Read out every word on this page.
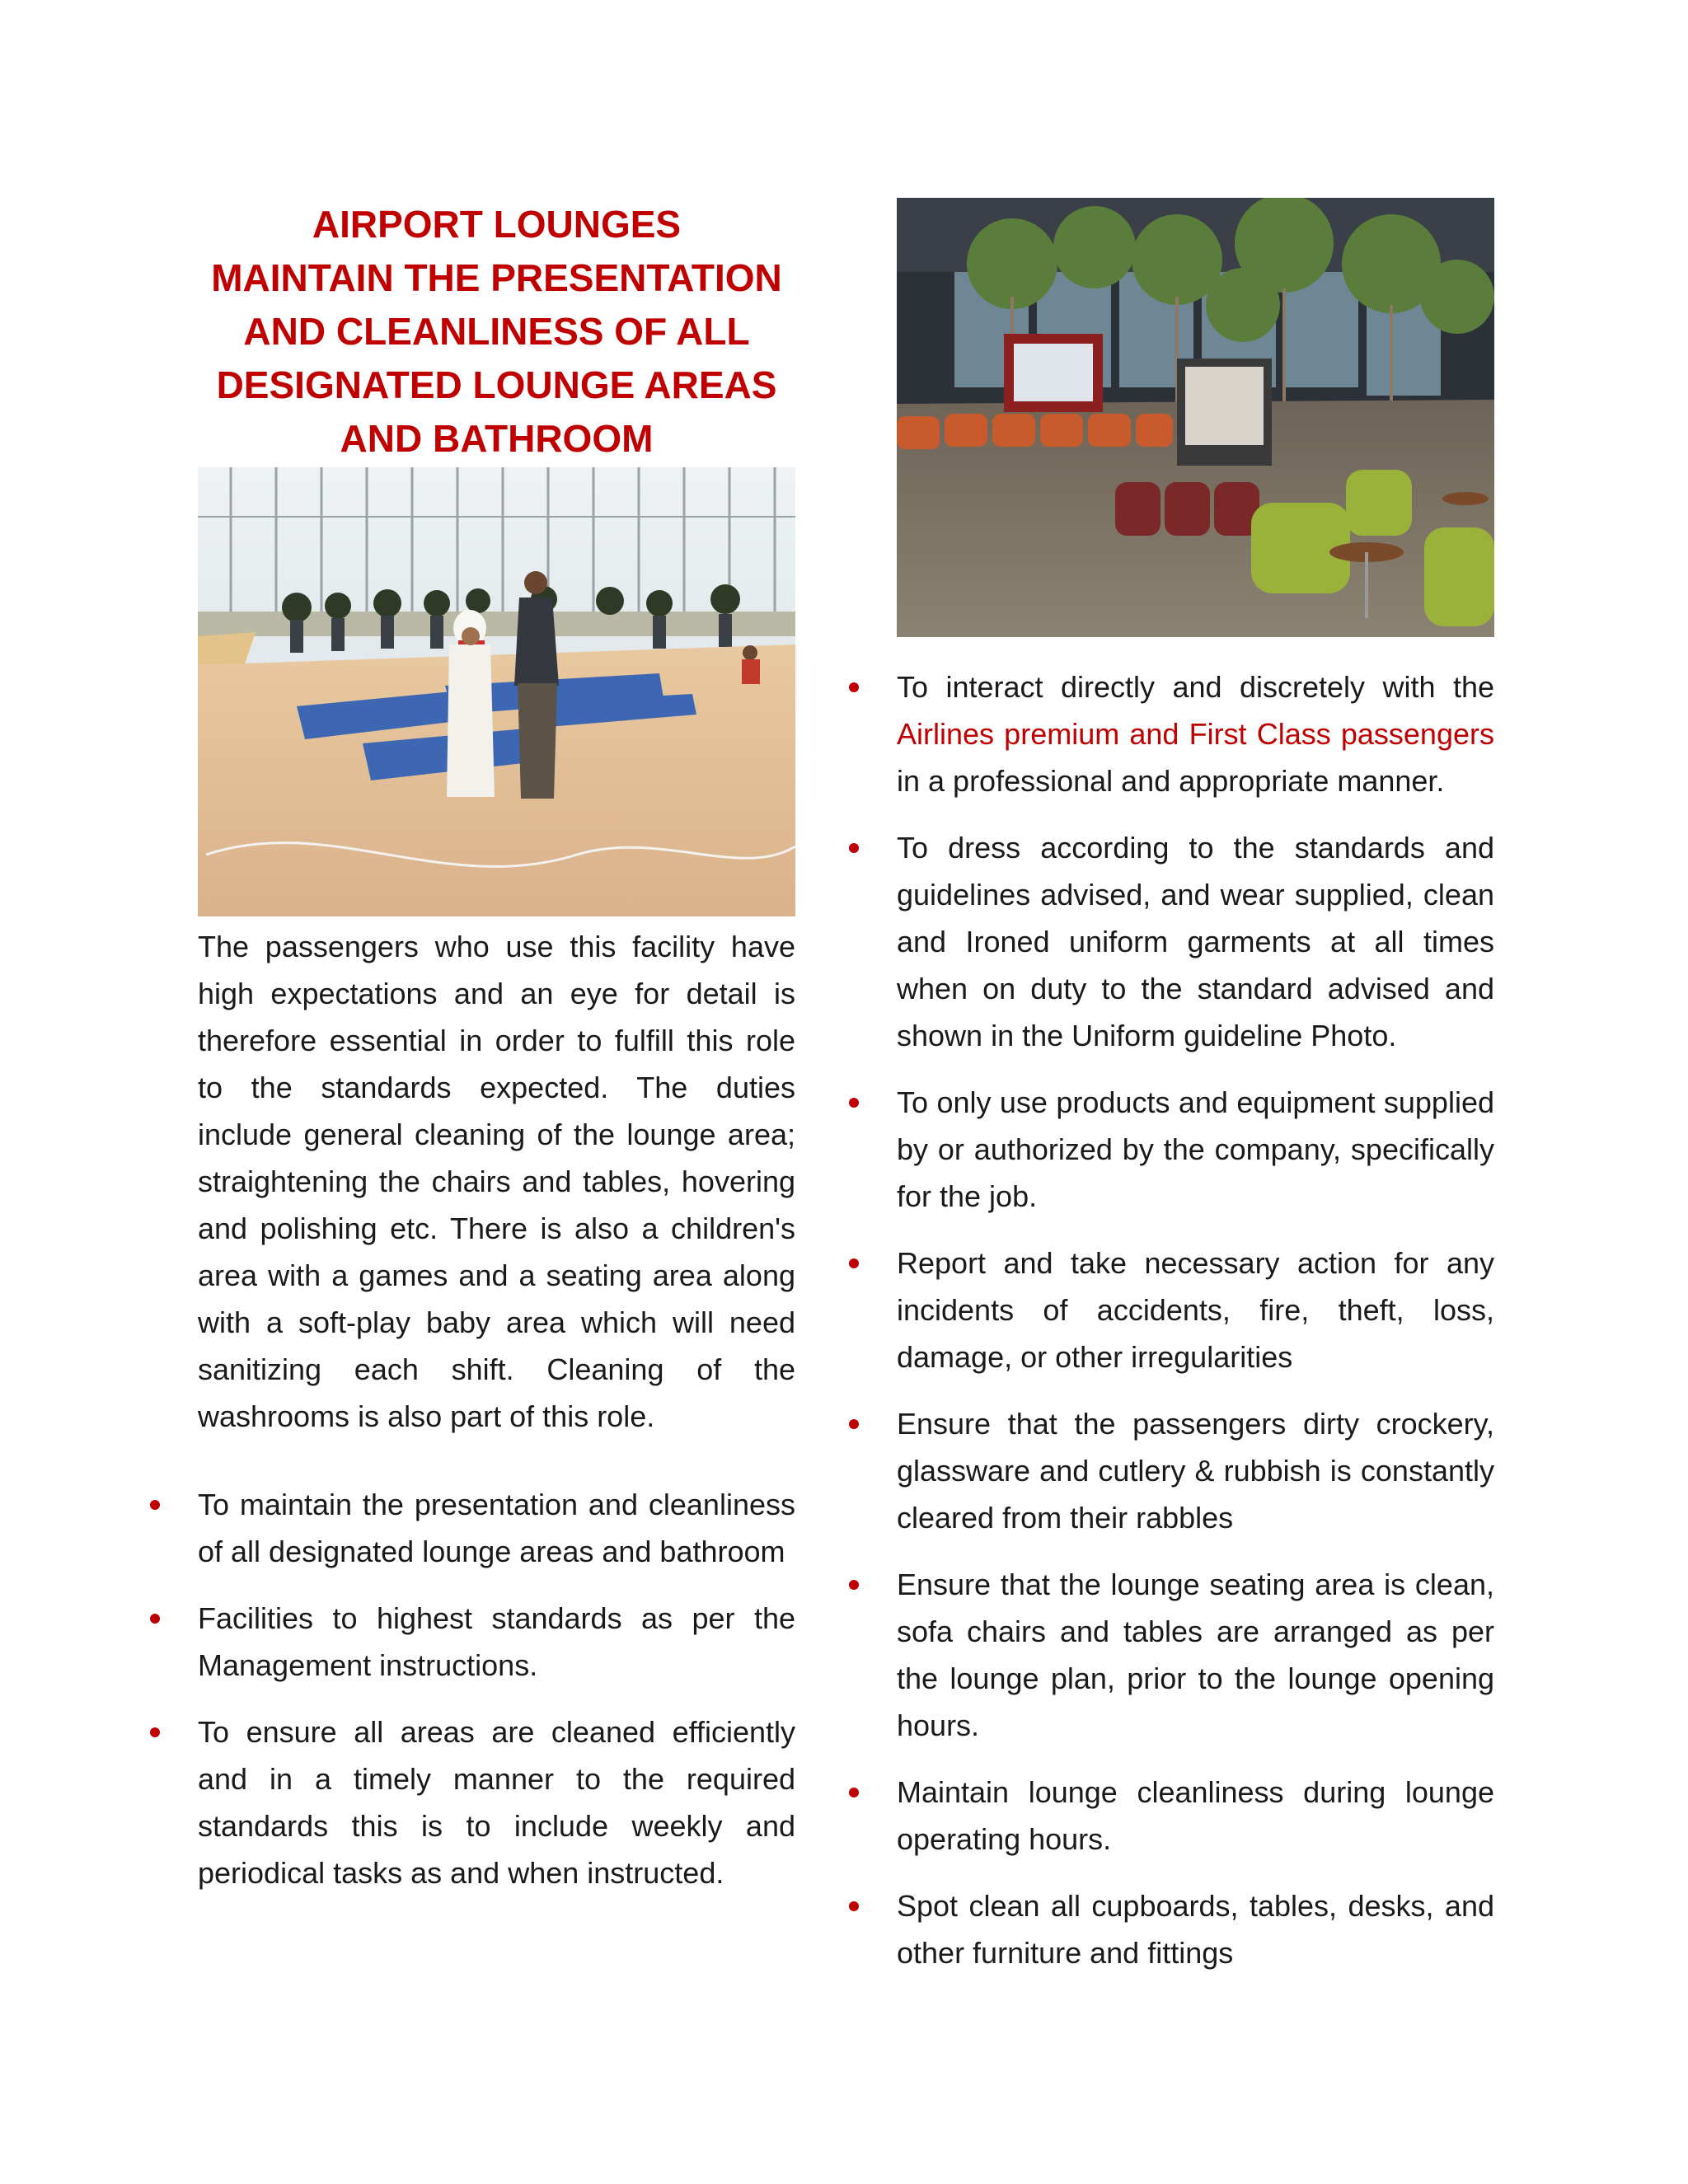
AIRPORT LOUNGES
MAINTAIN THE PRESENTATION
AND CLEANLINESS OF ALL
DESIGNATED LOUNGE AREAS
AND BATHROOM

The passengers who use this facility have high expectations and an eye for detail is therefore essential in order to fulfill this role to the standards expected. The duties include general cleaning of the lounge area; straightening the chairs and tables, hovering and polishing etc. There is also a children's area with a games and a seating area along with a soft-play baby area which will need sanitizing each shift. Cleaning of the washrooms is also part of this role.

To maintain the presentation and cleanliness of all designated lounge areas and bathroom
Facilities to highest standards as per the Management instructions.
To ensure all areas are cleaned efficiently and in a timely manner to the required standards this is to include weekly and periodical tasks as and when instructed.
To interact directly and discretely with the Airlines premium and First Class passengers in a professional and appropriate manner.
To dress according to the standards and guidelines advised, and wear supplied, clean and Ironed uniform garments at all times when on duty to the standard advised and shown in the Uniform guideline Photo.
To only use products and equipment supplied by or authorized by the company, specifically for the job.
Report and take necessary action for any incidents of accidents, fire, theft, loss, damage, or other irregularities
Ensure that the passengers dirty crockery, glassware and cutlery & rubbish is constantly cleared from their rabbles
Ensure that the lounge seating area is clean, sofa chairs and tables are arranged as per the lounge plan, prior to the lounge opening hours.
Maintain lounge cleanliness during lounge operating hours.
Spot clean all cupboards, tables, desks, and other furniture and fittings
